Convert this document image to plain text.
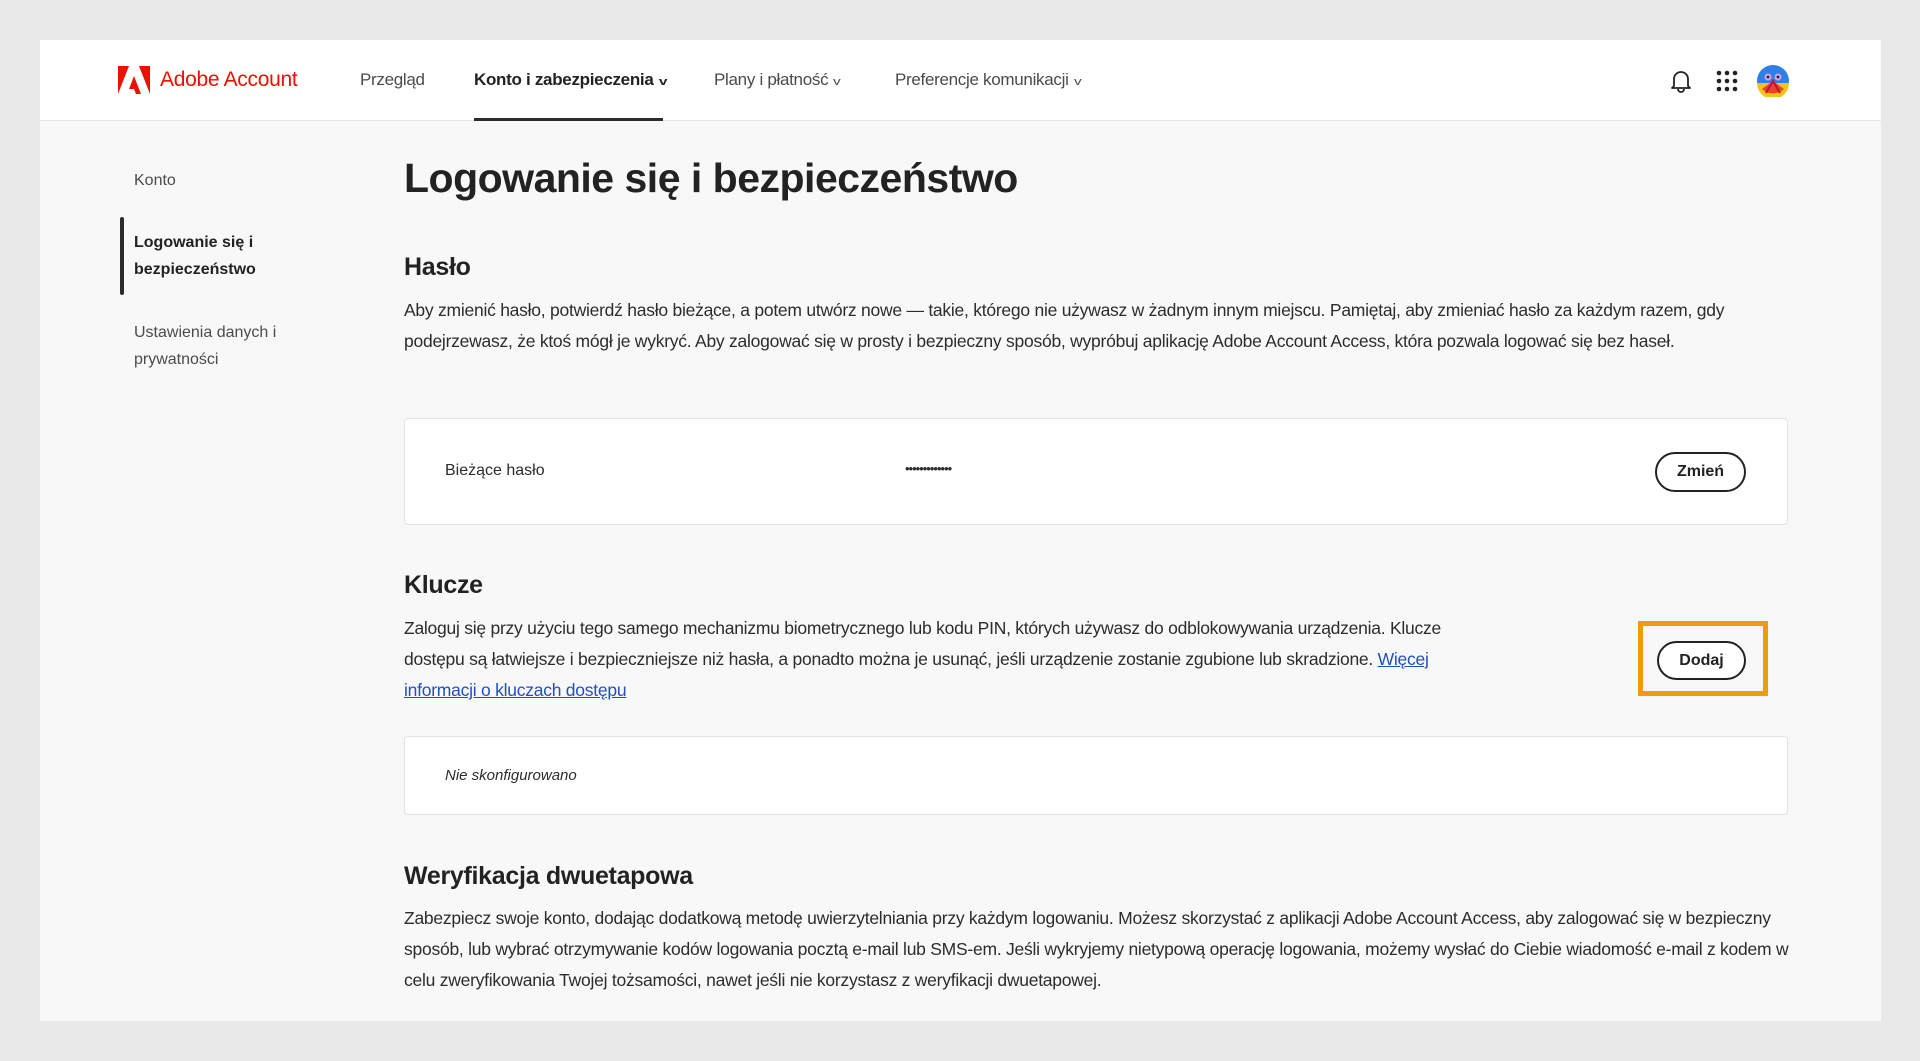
Adobe Account	Przegląd	Konto i zabezpieczenia v	Plany i płatność v	Preferencje komunikacji v
Konto
Logowanie się i bezpieczeństwo
Ustawienia danych i prywatności
Logowanie się i bezpieczeństwo
Hasło

Aby zmienić hasło, potwierdź hasło bieżące, a potem utwórz nowe — takie, którego nie używasz w żadnym innym miejscu. Pamiętaj, aby zmieniać hasło za każdym razem, gdy podejrzewasz, że ktoś mógł je wykryć. Aby zalogować się w prosty i bezpieczny sposób, wypróbuj aplikację Adobe Account Access, która pozwala logować się bez haseł.

Bieżące hasło	•••••••••••••	Zmień
Klucze

Zaloguj się przy użyciu tego samego mechanizmu biometrycznego lub kodu PIN, których używasz do odblokowywania urządzenia. Klucze dostępu są łatwiejsze i bezpieczniejsze niż hasła, a ponadto można je usunąć, jeśli urządzenie zostanie zgubione lub skradzione. Więcej informacji o kluczach dostępu

Dodaj
Nie skonfigurowano
Weryfikacja dwuetapowa

Zabezpiecz swoje konto, dodając dodatkową metodę uwierzytelniania przy każdym logowaniu. Możesz skorzystać z aplikacji Adobe Account Access, aby zalogować się w bezpieczny sposób, lub wybrać otrzymywanie kodów logowania pocztą e-mail lub SMS-em. Jeśli wykryjemy nietypową operację logowania, możemy wysłać do Ciebie wiadomość e-mail z kodem w celu zweryfikowania Twojej tożsamości, nawet jeśli nie korzystasz z weryfikacji dwuetapowej.
